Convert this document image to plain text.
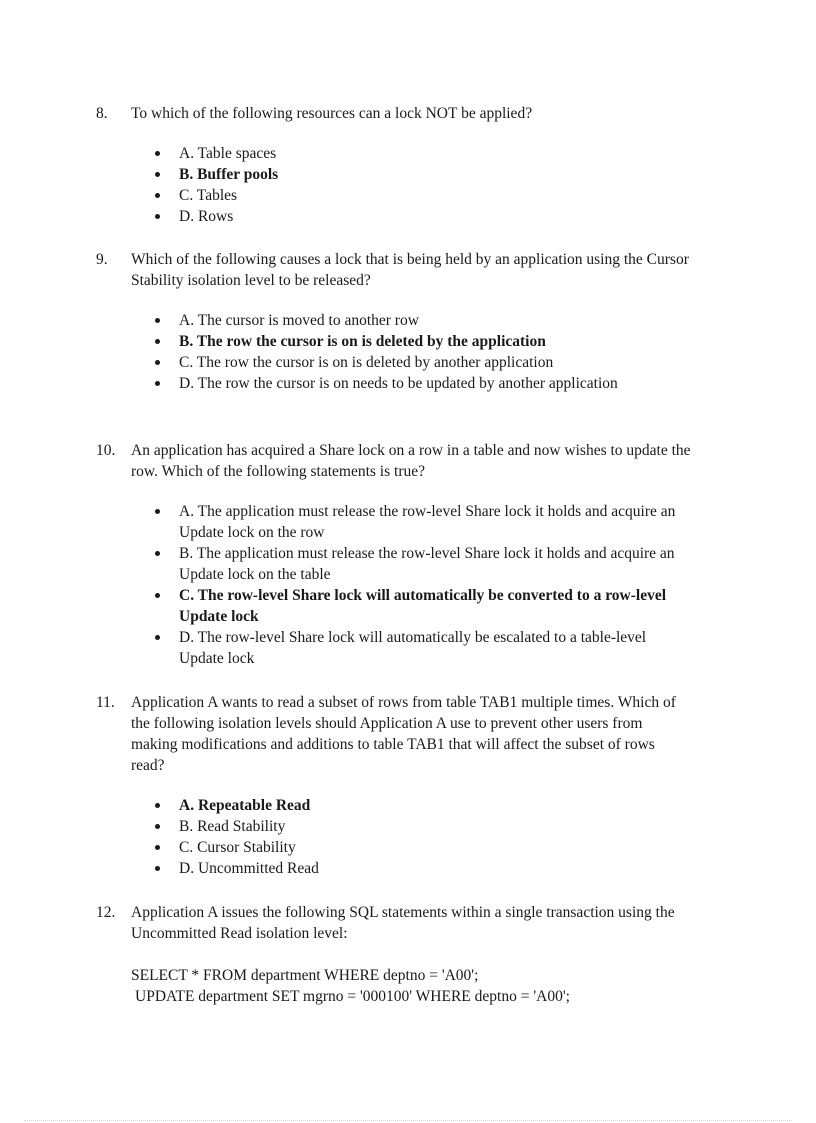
8.	To which of the following resources can a lock NOT be applied?
A. Table spaces
B. Buffer pools
C. Tables
D. Rows
9.	Which of the following causes a lock that is being held by an application using the Cursor Stability isolation level to be released?
A. The cursor is moved to another row
B. The row the cursor is on is deleted by the application
C. The row the cursor is on is deleted by another application
D. The row the cursor is on needs to be updated by another application
10.	An application has acquired a Share lock on a row in a table and now wishes to update the row. Which of the following statements is true?
A. The application must release the row-level Share lock it holds and acquire an Update lock on the row
B. The application must release the row-level Share lock it holds and acquire an Update lock on the table
C. The row-level Share lock will automatically be converted to a row-level Update lock
D. The row-level Share lock will automatically be escalated to a table-level Update lock
11.	Application A wants to read a subset of rows from table TAB1 multiple times. Which of the following isolation levels should Application A use to prevent other users from making modifications and additions to table TAB1 that will affect the subset of rows read?
A. Repeatable Read
B. Read Stability
C. Cursor Stability
D. Uncommitted Read
12.	Application A issues the following SQL statements within a single transaction using the Uncommitted Read isolation level:
SELECT * FROM department WHERE deptno = 'A00';
UPDATE department SET mgrno = '000100' WHERE deptno = 'A00';
